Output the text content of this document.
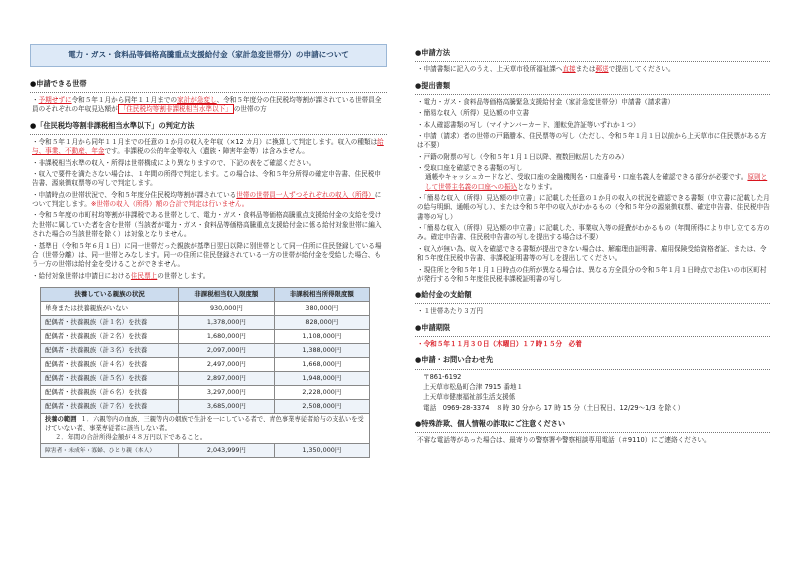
電力・ガス・食料品等価格高騰重点支援給付金（家計急変世帯分）の申請について
●申請できる世帯
・予期せずに令和５年１月から同年１１月までの家計が急変し、令和５年度分の住民税均等割が課されている世帯員全員のそれぞれの年収見込額が 「住民税均等割非課税相当水準以下」 の世帯の方
●「住民税均等割非課税相当水準以下」の判定方法
・令和５年１月から同年１１月までの任意の１か月の収入を年収（×12 カ月）に換算して判定します。収入の種類は給与、事業、不動産、年金です。非課税の公的年金等収入（遺族・障害年金等）は含みません。
・非課税相当水準の収入・所得は世帯構成により異なりますので、下記の表をご確認ください。
・収入で要件を満たさない場合は、１年間の所得で判定します。この場合は、令和５年分所得の確定申告書、住民税申告書、源泉徴収票等の写しで判定します。
・申請時点の世帯状況で、令和５年度分住民税均等割が課されている世帯の世帯員一人ずつそれぞれの収入（所得）について判定します。※世帯の収入（所得）額の合計で判定は行いません。
・令和５年度の市町村均等割が非課税である世帯として、電力・ガス・食料品等価格高騰重点支援給付金の支給を受けた世帯に属していた者を含む世帯（当該者が電力・ガス・食料品等価格高騰重点支援給付金に係る給付対象世帯に編入された場合の当該世帯を除く）は対象となりません。
・基準日（令和５年６月１日）に同一世帯だった親族が基準日翌日以降に別世帯として同一住所に住民登録している場合（世帯分離）は、同一世帯とみなします。同一の住所に住民登録されている一方の世帯が給付金を受給した場合、もう一方の世帯は給付金を受けることができません。
・給付対象世帯は申請日における住民票上の世帯とします。
扶養している親族の状況	非課税相当収入限度額	非課税相当所得限度額
単身または扶養親族がいない	930,000円	380,000円
配偶者・扶養親族（計１名）を扶養	1,378,000円	828,000円
配偶者・扶養親族（計２名）を扶養	1,680,000円	1,108,000円
配偶者・扶養親族（計３名）を扶養	2,097,000円	1,388,000円
配偶者・扶養親族（計４名）を扶養	2,497,000円	1,668,000円
配偶者・扶養親族（計５名）を扶養	2,897,000円	1,948,000円
配偶者・扶養親族（計６名）を扶養	3,297,000円	2,228,000円
配偶者・扶養親族（計７名）を扶養	3,685,000円	2,508,000円
扶養の範囲 １．六親等内の血族、三親等内の姻族で生計を一にしている者で、青色事業専従者給与の支払いを受けていない者、事業専従者に該当しない者。
２．年間の合計所得金額が４８万円以下であること。		
障害者・未成年・寡婦、ひとり親（本人）	2,043,999円	1,350,000円
●申請方法
・申請書類に記入のうえ、上天草市役所福祉課へ直接または郵送で提出してください。
●提出書類
・電力・ガス・食料品等価格高騰緊急支援給付金（家計急変世帯分）申請書（請求書）
・簡易な収入（所得）見込額の申立書
・本人確認書類の写し（マイナンバーカード、運転免許証等いずれか１つ）
・申請（請求）者の世帯の戸籍謄本、住民票等の写し（ただし、令和５年１月１日以前から上天草市に住民票がある方は不要）
・戸籍の附票の写し（令和５年１月１日以降、複数回転居した方のみ）
・受取口座を確認できる書類の写し
通帳やキャッシュカードなど、受取口座の金融機関名・口座番号・口座名義人を確認できる部分が必要です。原則として世帯主名義の口座への振込となります。
・「簡易な収入（所得）見込額の申立書」に記載した任意の１か月の収入の状況を確認できる書類（申立書に記載した月の給与明細、通帳の写し）、または令和５年中の収入がわかるもの（令和５年分の源泉徴収票、確定申告書、住民税申告書等の写し）
・「簡易な収入（所得）見込額の申立書」に記載した、事業収入等の経費がわかるもの（年間所得により申し立てる方のみ。確定申告書、住民税申告書の写しを提出する場合は不要）
・収入が無い為、収入を確認できる書類が提出できない場合は、解雇理由証明書、雇用保険受給資格者証、または、令和５年度住民税申告書、非課税証明書等の写しを提出してください。
・現住所と令和５年１月１日時点の住所が異なる場合は、異なる方全員分の令和５年１月１日時点でお住いの市区町村が発行する令和５年度住民税非課税証明書の写し
●給付金の支給額
・１世帯あたり３万円
●申請期限
・令和５年１１月３０日（木曜日）１７時１５分　必着
●申請・お問い合わせ先
〒861-6192
上天草市松島町合津 7915 番地１
上天草市健康福祉部生活支援係
電話　0969-28-3374　８時 30 分から 17 時 15 分（土日祝日、12/29～1/3 を除く）
●特殊詐欺、個人情報の詐取にご注意ください
不審な電話等があった場合は、最寄りの警察署や警察相談専用電話（＃9110）にご連絡ください。
